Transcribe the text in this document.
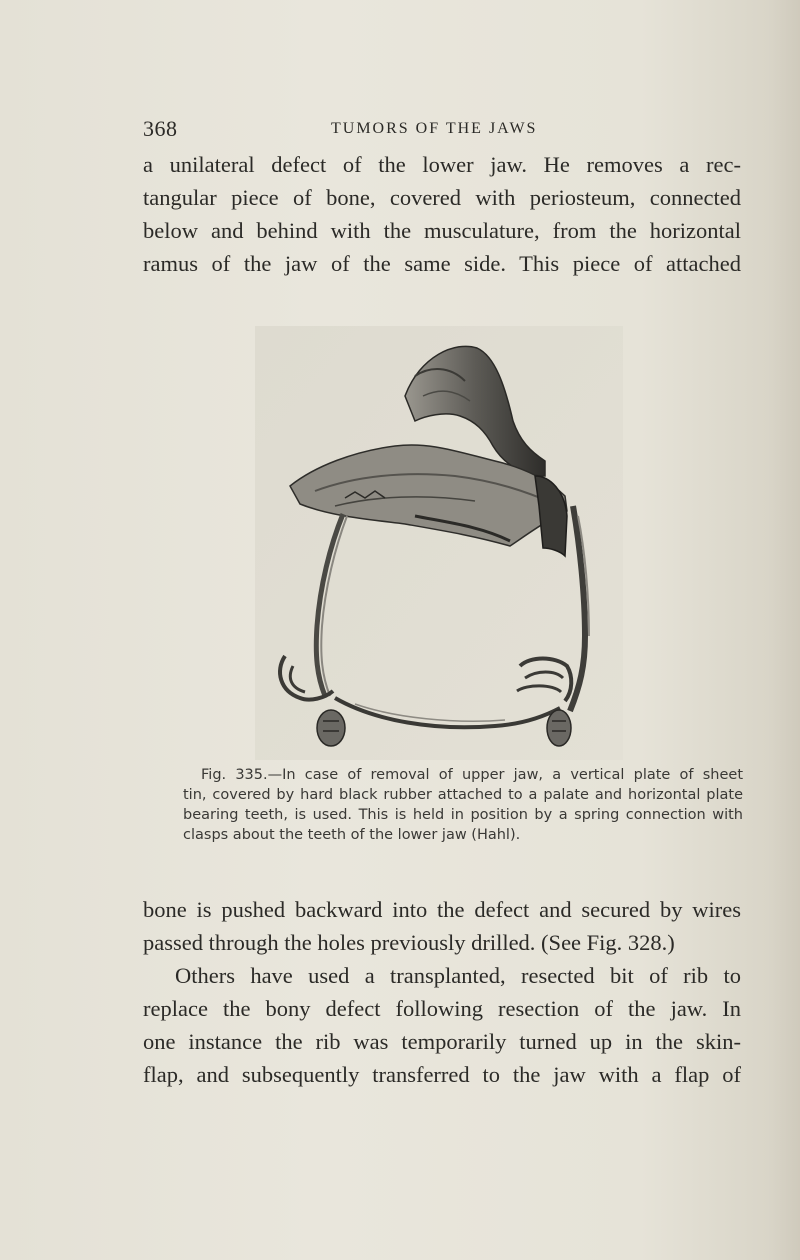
368	TUMORS OF THE JAWS

a unilateral defect of the lower jaw. He removes a rec-
tangular piece of bone, covered with periosteum, connected
below and behind with the musculature, from the horizontal
ramus of the jaw of the same side. This piece of attached

Fig. 335.—In case of removal of upper jaw, a vertical plate of sheet
tin, covered by hard black rubber attached to a palate and horizontal plate
bearing teeth, is used. This is held in position by a spring connection with
clasps about the teeth of the lower jaw (Hahl).

bone is pushed backward into the defect and secured by wires
passed through the holes previously drilled. (See Fig. 328.)
Others have used a transplanted, resected bit of rib to
replace the bony defect following resection of the jaw. In
one instance the rib was temporarily turned up in the skin-
flap, and subsequently transferred to the jaw with a flap of
